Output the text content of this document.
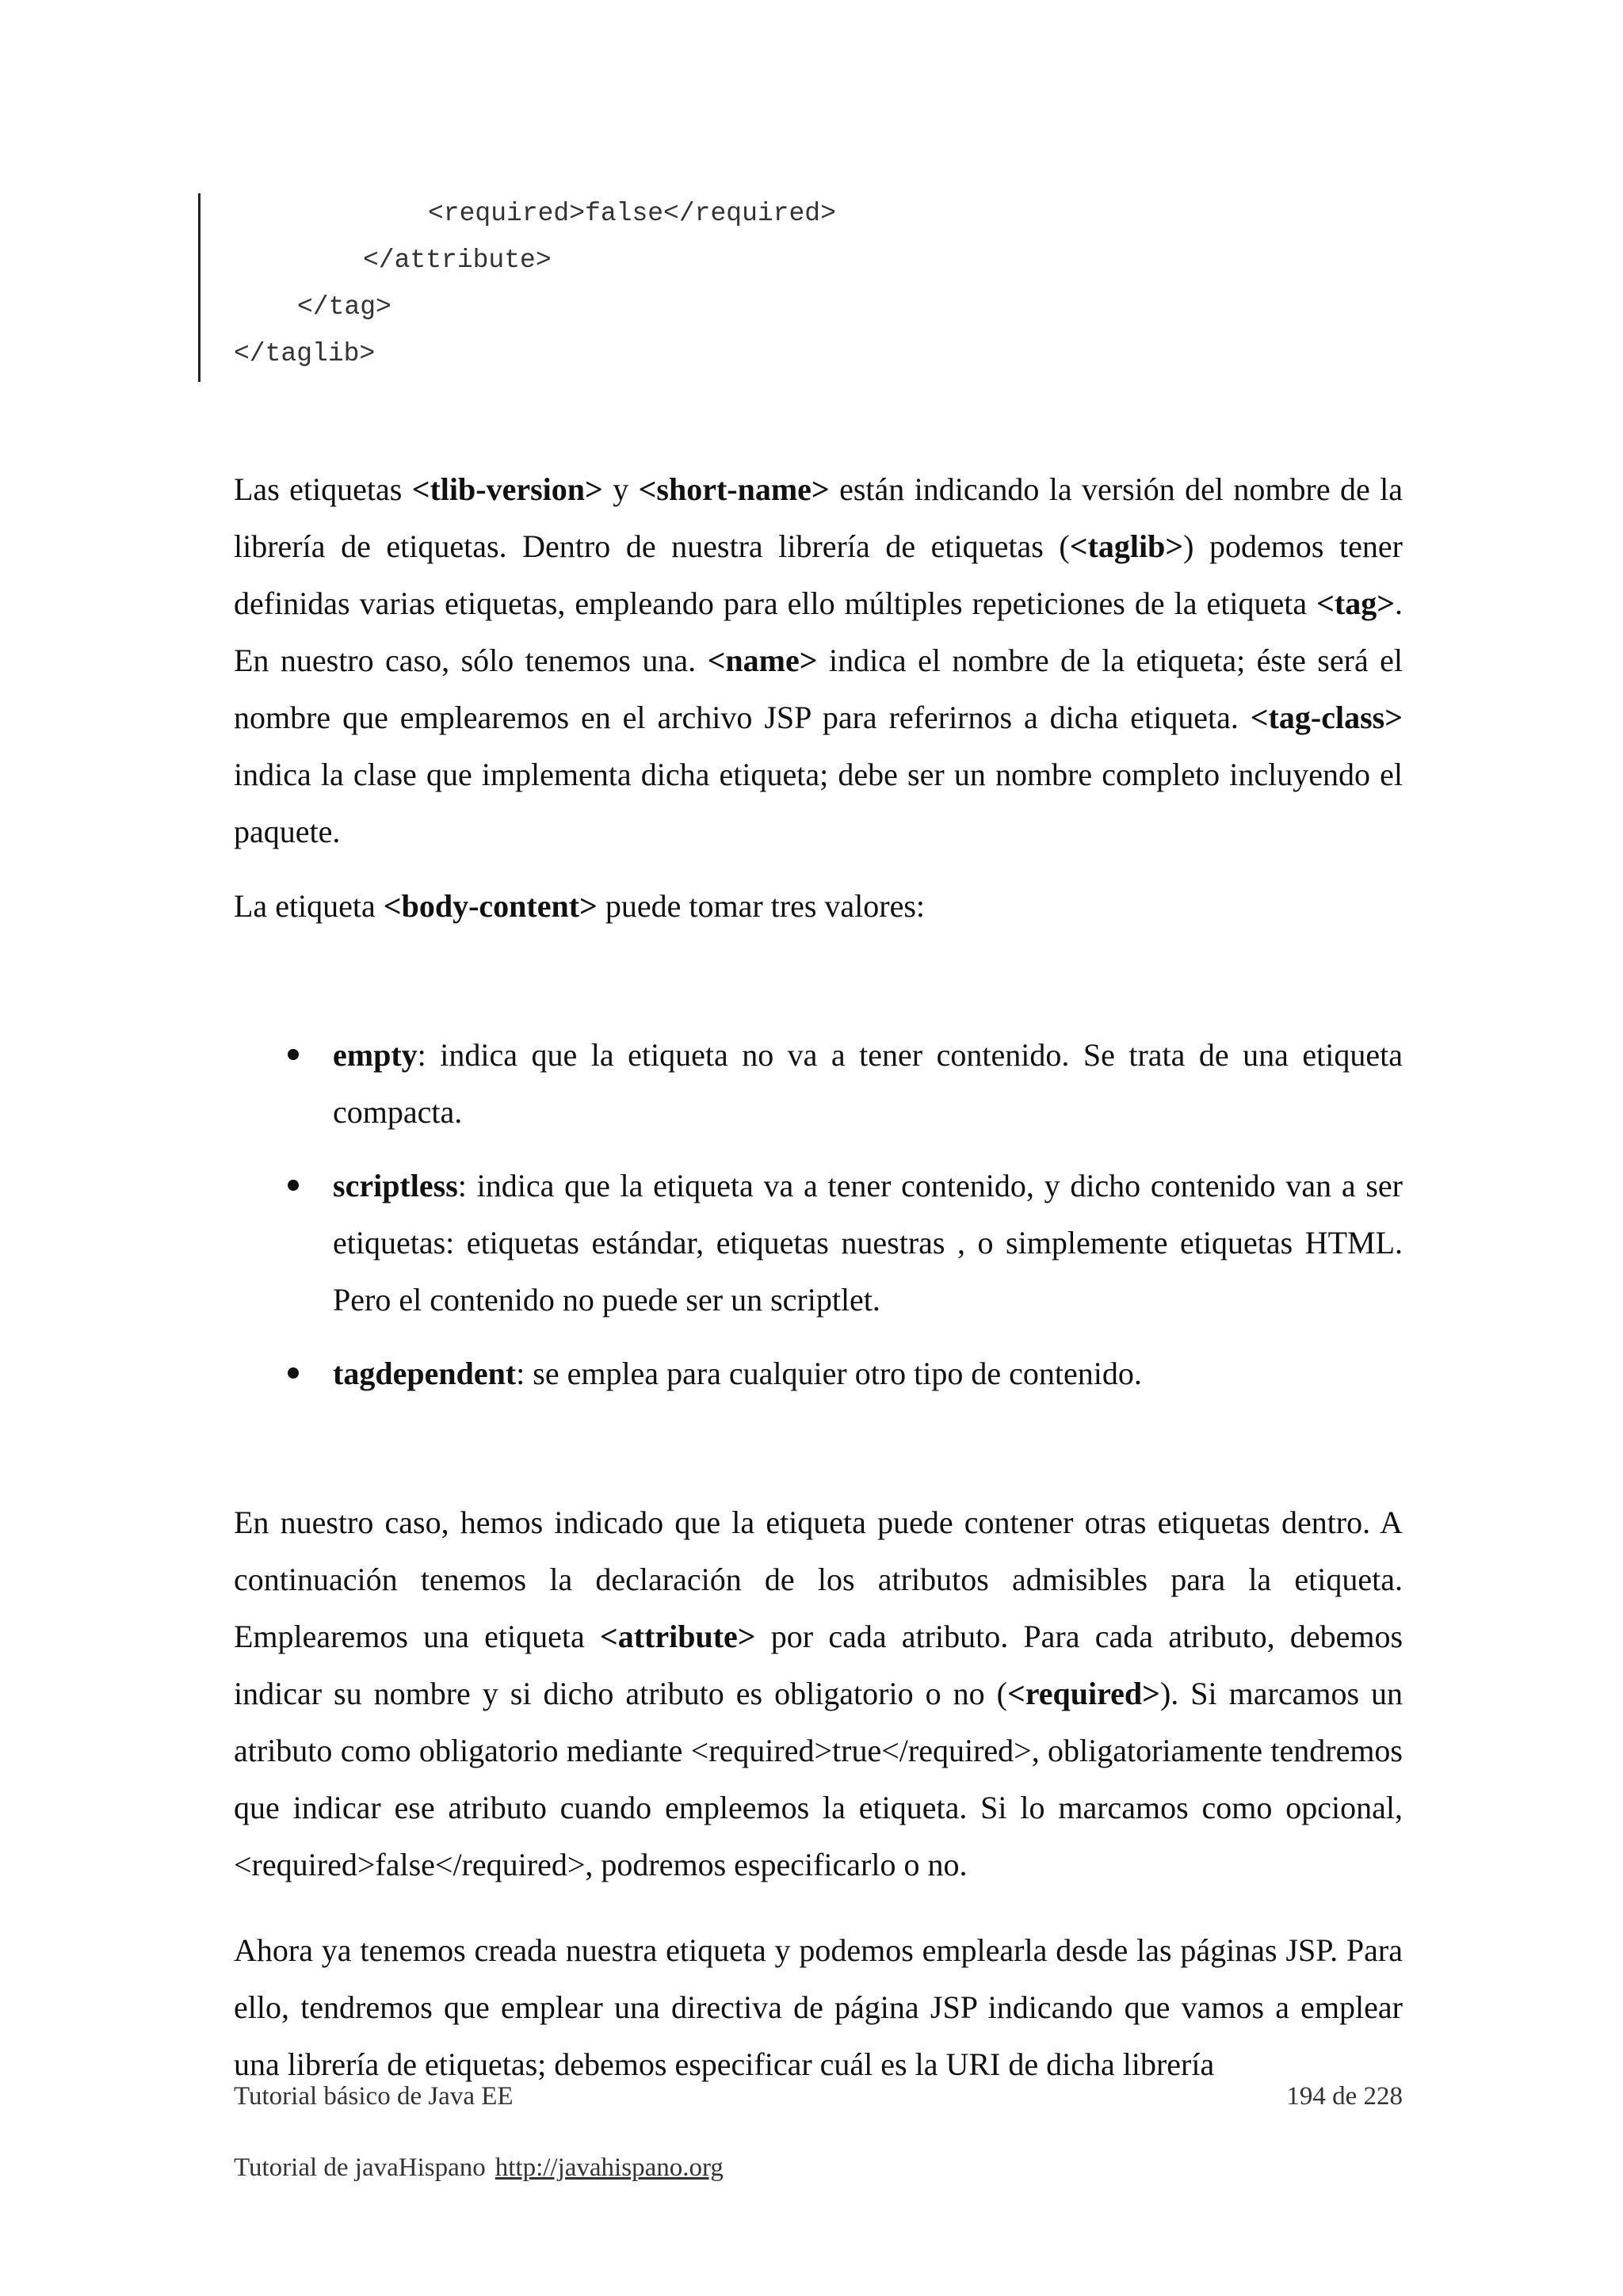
<required>false</required>
</attribute>
</tag>
</taglib>

Las etiquetas <tlib-version> y <short-name> están indicando la versión del nombre de la librería de etiquetas. Dentro de nuestra librería de etiquetas (<taglib>) podemos tener definidas varias etiquetas, empleando para ello múltiples repeticiones de la etiqueta <tag>. En nuestro caso, sólo tenemos una. <name> indica el nombre de la etiqueta; éste será el nombre que emplearemos en el archivo JSP para referirnos a dicha etiqueta. <tag-class> indica la clase que implementa dicha etiqueta; debe ser un nombre completo incluyendo el paquete.

La etiqueta <body-content> puede tomar tres valores:

empty: indica que la etiqueta no va a tener contenido. Se trata de una etiqueta compacta.
scriptless: indica que la etiqueta va a tener contenido, y dicho contenido van a ser etiquetas: etiquetas estándar, etiquetas nuestras , o simplemente etiquetas HTML. Pero el contenido no puede ser un scriptlet.
tagdependent: se emplea para cualquier otro tipo de contenido.

En nuestro caso, hemos indicado que la etiqueta puede contener otras etiquetas dentro. A continuación tenemos la declaración de los atributos admisibles para la etiqueta. Emplearemos una etiqueta <attribute> por cada atributo. Para cada atributo, debemos indicar su nombre y si dicho atributo es obligatorio o no (<required>). Si marcamos un atributo como obligatorio mediante <required>true</required>, obligatoriamente tendremos que indicar ese atributo cuando empleemos la etiqueta. Si lo marcamos como opcional, <required>false</required>, podremos especificarlo o no.

Ahora ya tenemos creada nuestra etiqueta y podemos emplearla desde las páginas JSP. Para ello, tendremos que emplear una directiva de página JSP indicando que vamos a emplear una librería de etiquetas; debemos especificar cuál es la URI de dicha librería

Tutorial básico de Java EE	194 de 228
Tutorial de javaHispano http://javahispano.org
